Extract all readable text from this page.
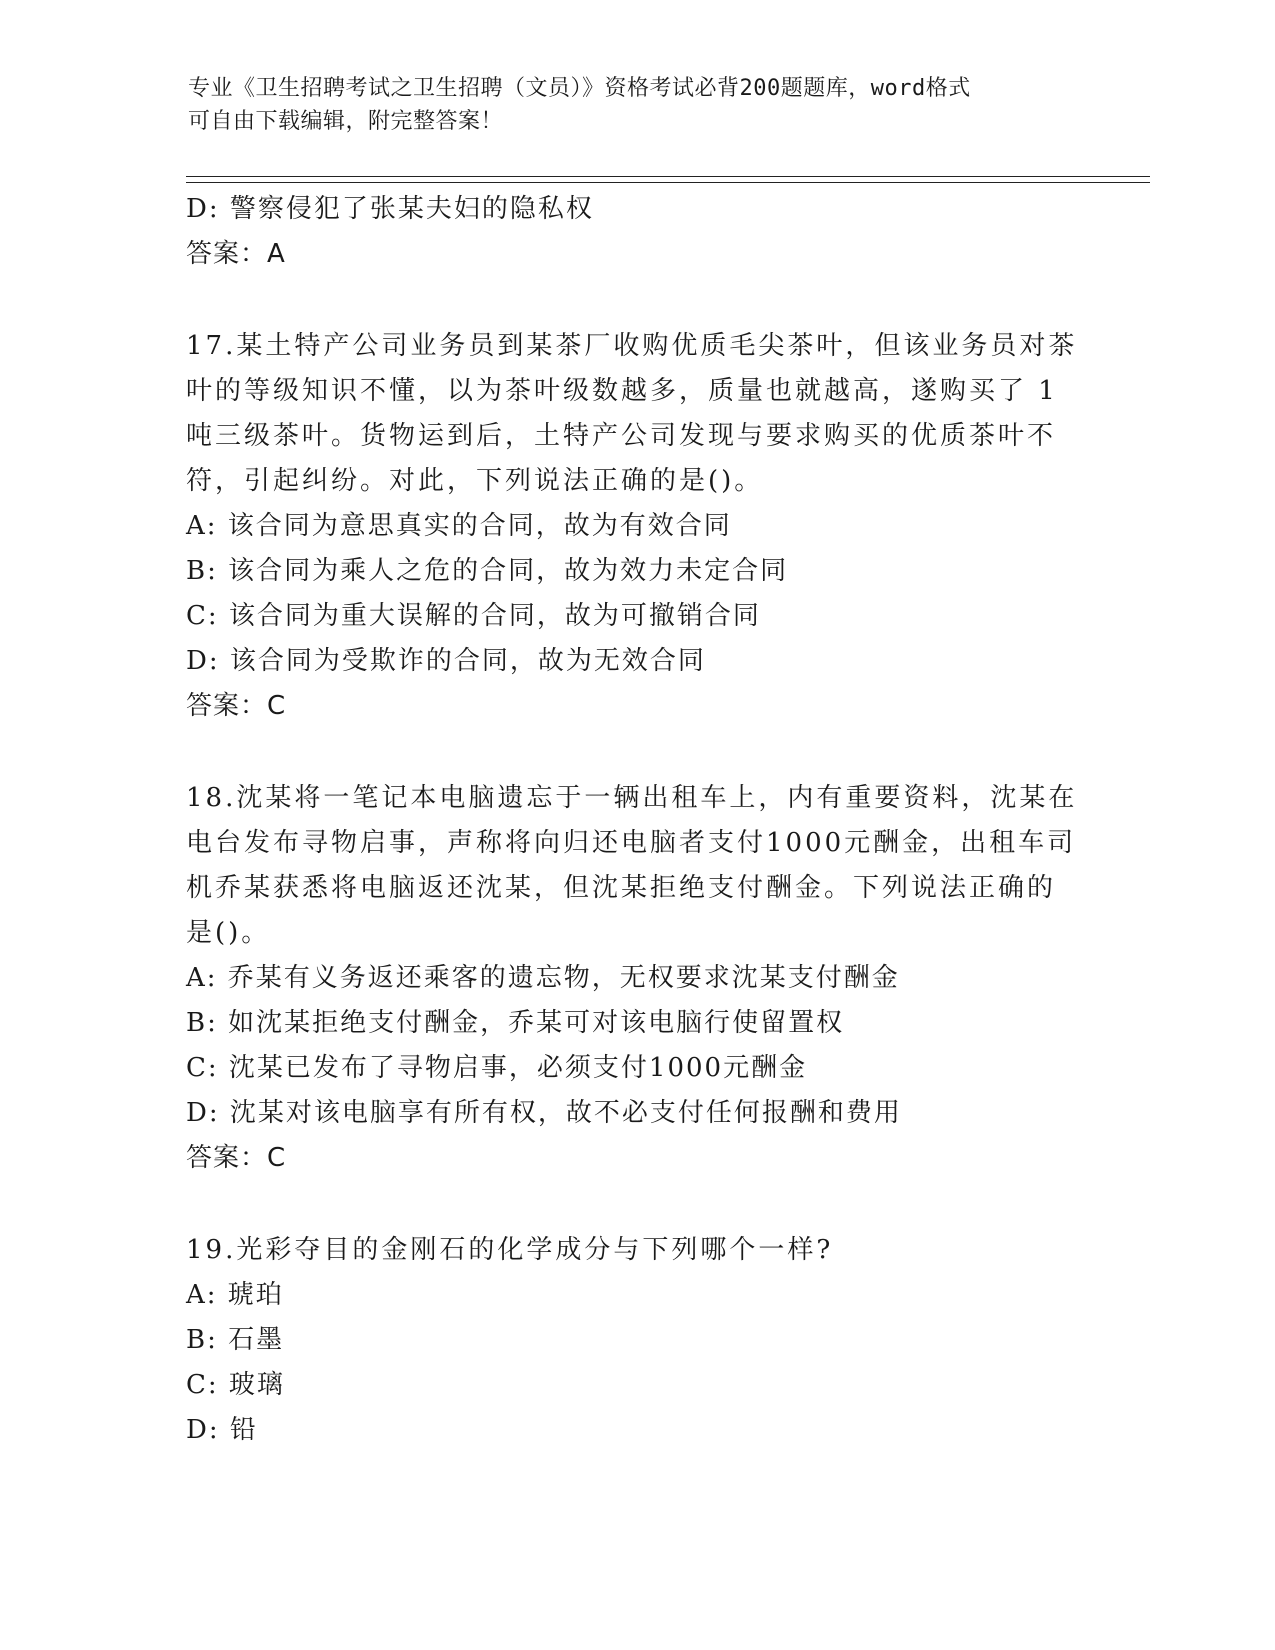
专业《卫生招聘考试之卫生招聘（文员）》资格考试必背200题题库，word格式
可自由下载编辑，附完整答案！
D: 警察侵犯了张某夫妇的隐私权
答案：A
17.某土特产公司业务员到某茶厂收购优质毛尖茶叶，但该业务员对茶
叶的等级知识不懂，以为茶叶级数越多，质量也就越高，遂购买了 1
吨三级茶叶。货物运到后，土特产公司发现与要求购买的优质茶叶不
符，引起纠纷。对此，下列说法正确的是()。
A: 该合同为意思真实的合同，故为有效合同
B: 该合同为乘人之危的合同，故为效力未定合同
C: 该合同为重大误解的合同，故为可撤销合同
D: 该合同为受欺诈的合同，故为无效合同
答案：C
18.沈某将一笔记本电脑遗忘于一辆出租车上，内有重要资料，沈某在
电台发布寻物启事，声称将向归还电脑者支付1000元酬金，出租车司
机乔某获悉将电脑返还沈某，但沈某拒绝支付酬金。下列说法正确的
是()。
A: 乔某有义务返还乘客的遗忘物，无权要求沈某支付酬金
B: 如沈某拒绝支付酬金，乔某可对该电脑行使留置权
C: 沈某已发布了寻物启事，必须支付1000元酬金
D: 沈某对该电脑享有所有权，故不必支付任何报酬和费用
答案：C
19.光彩夺目的金刚石的化学成分与下列哪个一样?
A: 琥珀
B: 石墨
C: 玻璃
D: 铅
